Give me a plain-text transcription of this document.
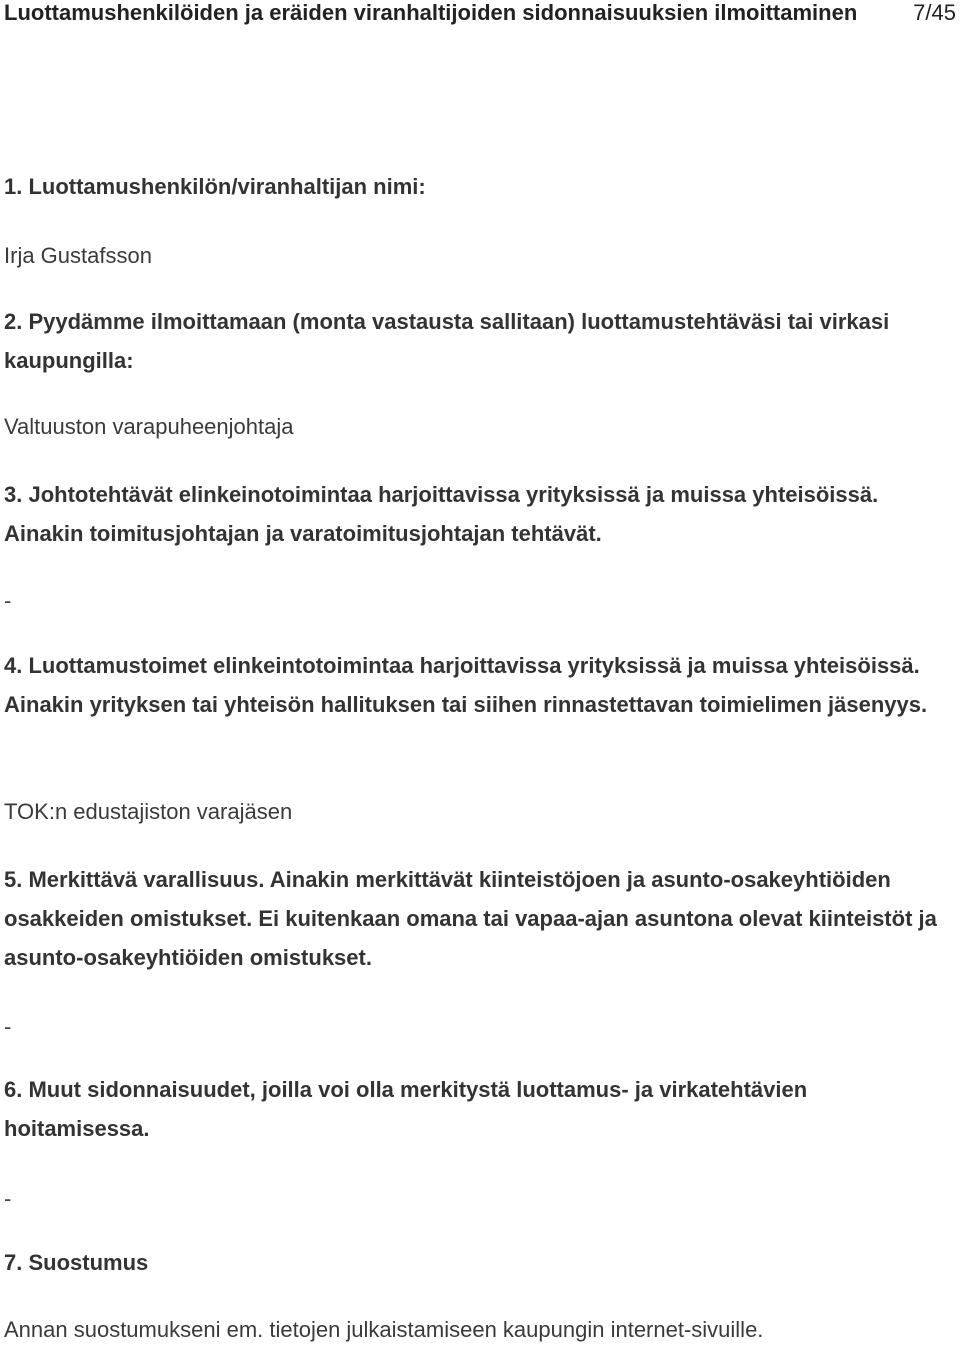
Luottamushenkilöiden ja eräiden viranhaltijoiden sidonnaisuuksien ilmoittaminen	7/45

1. Luottamushenkilön/viranhaltijan nimi:

Irja Gustafsson

2. Pyydämme ilmoittamaan (monta vastausta sallitaan) luottamustehtäväsi tai virkasi kaupungilla:

Valtuuston varapuheenjohtaja

3. Johtotehtävät elinkeinotoimintaa harjoittavissa yrityksissä ja muissa yhteisöissä. Ainakin toimitusjohtajan ja varatoimitusjohtajan tehtävät.

-

4. Luottamustoimet elinkeintotoimintaa harjoittavissa yrityksissä ja muissa yhteisöissä. Ainakin yrityksen tai yhteisön hallituksen tai siihen rinnastettavan toimielimen jäsenyys.

TOK:n edustajiston varajäsen

5. Merkittävä varallisuus. Ainakin merkittävät kiinteistöjoen ja asunto-osakeyhtiöiden osakkeiden omistukset. Ei kuitenkaan omana tai vapaa-ajan asuntona olevat kiinteistöt ja asunto-osakeyhtiöiden omistukset.

-

6. Muut sidonnaisuudet, joilla voi olla merkitystä luottamus- ja virkatehtävien hoitamisessa.

-

7. Suostumus

Annan suostumukseni em. tietojen julkaistamiseen kaupungin internet-sivuille.
